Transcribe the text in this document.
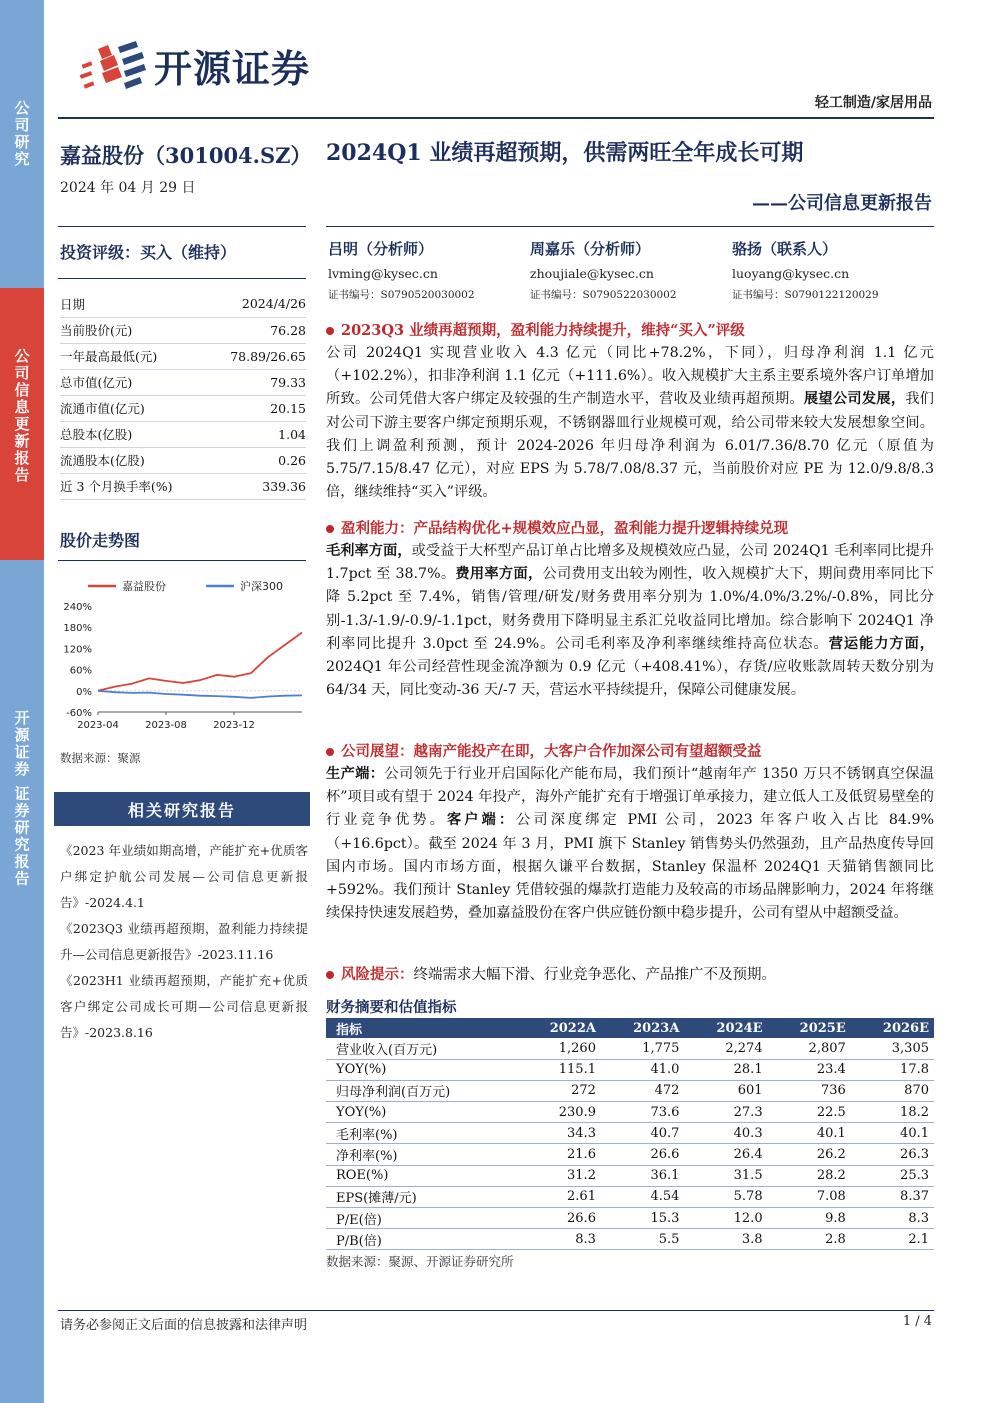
公司研究
公司信息更新报告
开源证券 证券研究报告
开源证券
轻工制造/家居用品
嘉益股份（301004.SZ）
2024 年 04 月 29 日
2024Q1 业绩再超预期，供需两旺全年成长可期
——公司信息更新报告
投资评级：买入（维持）
日期	2024/4/26
当前股价(元)	76.28
一年最高最低(元)	78.89/26.65
总市值(亿元)	79.33
流通市值(亿元)	20.15
总股本(亿股)	1.04
流通股本(亿股)	0.26
近 3 个月换手率(%)	339.36
股价走势图
嘉益股份	沪深300
240%
180%
120%
60%
0%
-60%
2023-04	2023-08	2023-12
数据来源：聚源
相关研究报告

《2023 年业绩如期高增，产能扩充+优质客户绑定护航公司发展—公司信息更新报告》-2024.4.1

《2023Q3 业绩再超预期，盈利能力持续提升—公司信息更新报告》-2023.11.16

《2023H1 业绩再超预期，产能扩充+优质客户绑定公司成长可期—公司信息更新报告》-2023.8.16

吕明（分析师）
lvming@kysec.cn
证书编号：S0790520030002
周嘉乐（分析师）
zhoujiale@kysec.cn
证书编号：S0790522030002
骆扬（联系人）
luoyang@kysec.cn
证书编号：S0790122120029
2023Q3 业绩再超预期，盈利能力持续提升，维持“买入”评级

公司 2024Q1 实现营业收入 4.3 亿元（同比+78.2%，下同），归母净利润 1.1 亿元（+102.2%），扣非净利润 1.1 亿元（+111.6%）。收入规模扩大主系主要系境外客户订单增加所致。公司凭借大客户绑定及较强的生产制造水平，营收及业绩再超预期。展望公司发展，我们对公司下游主要客户绑定预期乐观，不锈钢器皿行业规模可观，给公司带来较大发展想象空间。我们上调盈利预测，预计 2024-2026 年归母净利润为 6.01/7.36/8.70 亿元（原值为 5.75/7.15/8.47 亿元），对应 EPS 为 5.78/7.08/8.37 元，当前股价对应 PE 为 12.0/9.8/8.3 倍，继续维持“买入”评级。

盈利能力：产品结构优化+规模效应凸显，盈利能力提升逻辑持续兑现

毛利率方面，或受益于大杯型产品订单占比增多及规模效应凸显，公司 2024Q1 毛利率同比提升 1.7pct 至 38.7%。费用率方面，公司费用支出较为刚性，收入规模扩大下，期间费用率同比下降 5.2pct 至 7.4%，销售/管理/研发/财务费用率分别为 1.0%/4.0%/3.2%/-0.8%，同比分别-1.3/-1.9/-0.9/-1.1pct，财务费用下降明显主系汇兑收益同比增加。综合影响下 2024Q1 净利率同比提升 3.0pct 至 24.9%。公司毛利率及净利率继续维持高位状态。营运能力方面，2024Q1 年公司经营性现金流净额为 0.9 亿元（+408.41%），存货/应收账款周转天数分别为 64/34 天，同比变动-36 天/-7 天，营运水平持续提升，保障公司健康发展。

公司展望：越南产能投产在即，大客户合作加深公司有望超额受益

生产端：公司领先于行业开启国际化产能布局，我们预计“越南年产 1350 万只不锈钢真空保温杯”项目或有望于 2024 年投产，海外产能扩充有于增强订单承接力，建立低人工及低贸易壁垒的行业竞争优势。客户端：公司深度绑定 PMI 公司，2023 年客户收入占比 84.9%（+16.6pct）。截至 2024 年 3 月，PMI 旗下 Stanley 销售势头仍然强劲，且产品热度传导回国内市场。国内市场方面，根据久谦平台数据，Stanley 保温杯 2024Q1 天猫销售额同比+592%。我们预计 Stanley 凭借较强的爆款打造能力及较高的市场品牌影响力，2024 年将继续保持快速发展趋势，叠加嘉益股份在客户供应链份额中稳步提升，公司有望从中超额受益。

风险提示： 终端需求大幅下滑、行业竞争恶化、产品推广不及预期。
财务摘要和估值指标
指标	2022A	2023A	2024E	2025E	2026E
营业收入(百万元)	1,260	1,775	2,274	2,807	3,305
YOY(%)	115.1	41.0	28.1	23.4	17.8
归母净利润(百万元)	272	472	601	736	870
YOY(%)	230.9	73.6	27.3	22.5	18.2
毛利率(%)	34.3	40.7	40.3	40.1	40.1
净利率(%)	21.6	26.6	26.4	26.2	26.3
ROE(%)	31.2	36.1	31.5	28.2	25.3
EPS(摊薄/元)	2.61	4.54	5.78	7.08	8.37
P/E(倍)	26.6	15.3	12.0	9.8	8.3
P/B(倍)	8.3	5.5	3.8	2.8	2.1
数据来源：聚源、开源证券研究所
请务必参阅正文后面的信息披露和法律声明	1 / 4
